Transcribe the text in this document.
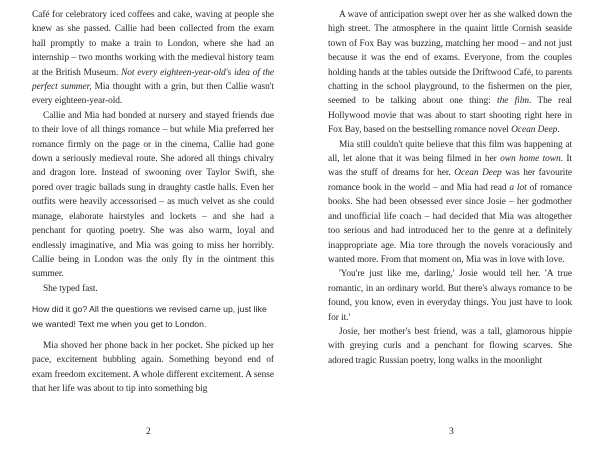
Café for celebratory iced coffees and cake, waving at people she knew as she passed. Callie had been collected from the exam hall promptly to make a train to London, where she had an internship – two months working with the medieval history team at the British Museum. Not every eighteen-year-old's idea of the perfect summer, Mia thought with a grin, but then Callie wasn't every eighteen-year-old.

Callie and Mia had bonded at nursery and stayed friends due to their love of all things romance – but while Mia preferred her romance firmly on the page or in the cinema, Callie had gone down a seriously medieval route. She adored all things chivalry and dragon lore. Instead of swooning over Taylor Swift, she pored over tragic ballads sung in draughty castle halls. Even her outfits were heavily accessorised – as much velvet as she could manage, elaborate hairstyles and lockets – and she had a penchant for quoting poetry. She was also warm, loyal and endlessly imaginative, and Mia was going to miss her horribly. Callie being in London was the only fly in the ointment this summer.

She typed fast.

How did it go? All the questions we revised came up, just like we wanted! Text me when you get to London.

Mia shoved her phone back in her pocket. She picked up her pace, excitement bubbling again. Something beyond end of exam freedom excitement. A whole different excitement. A sense that her life was about to tip into something big

2

A wave of anticipation swept over her as she walked down the high street. The atmosphere in the quaint little Cornish seaside town of Fox Bay was buzzing, matching her mood – and not just because it was the end of exams. Everyone, from the couples holding hands at the tables outside the Driftwood Café, to parents chatting in the school playground, to the fishermen on the pier, seemed to be talking about one thing: the film. The real Hollywood movie that was about to start shooting right here in Fox Bay, based on the bestselling romance novel Ocean Deep.

Mia still couldn't quite believe that this film was happening at all, let alone that it was being filmed in her own home town. It was the stuff of dreams for her. Ocean Deep was her favourite romance book in the world – and Mia had read a lot of romance books. She had been obsessed ever since Josie – her godmother and unofficial life coach – had decided that Mia was altogether too serious and had introduced her to the genre at a definitely inappropriate age. Mia tore through the novels voraciously and wanted more. From that moment on, Mia was in love with love.

'You're just like me, darling,' Josie would tell her. 'A true romantic, in an ordinary world. But there's always romance to be found, you know, even in everyday things. You just have to look for it.'

Josie, her mother's best friend, was a tall, glamorous hippie with greying curls and a penchant for flowing scarves. She adored tragic Russian poetry, long walks in the moonlight

3
